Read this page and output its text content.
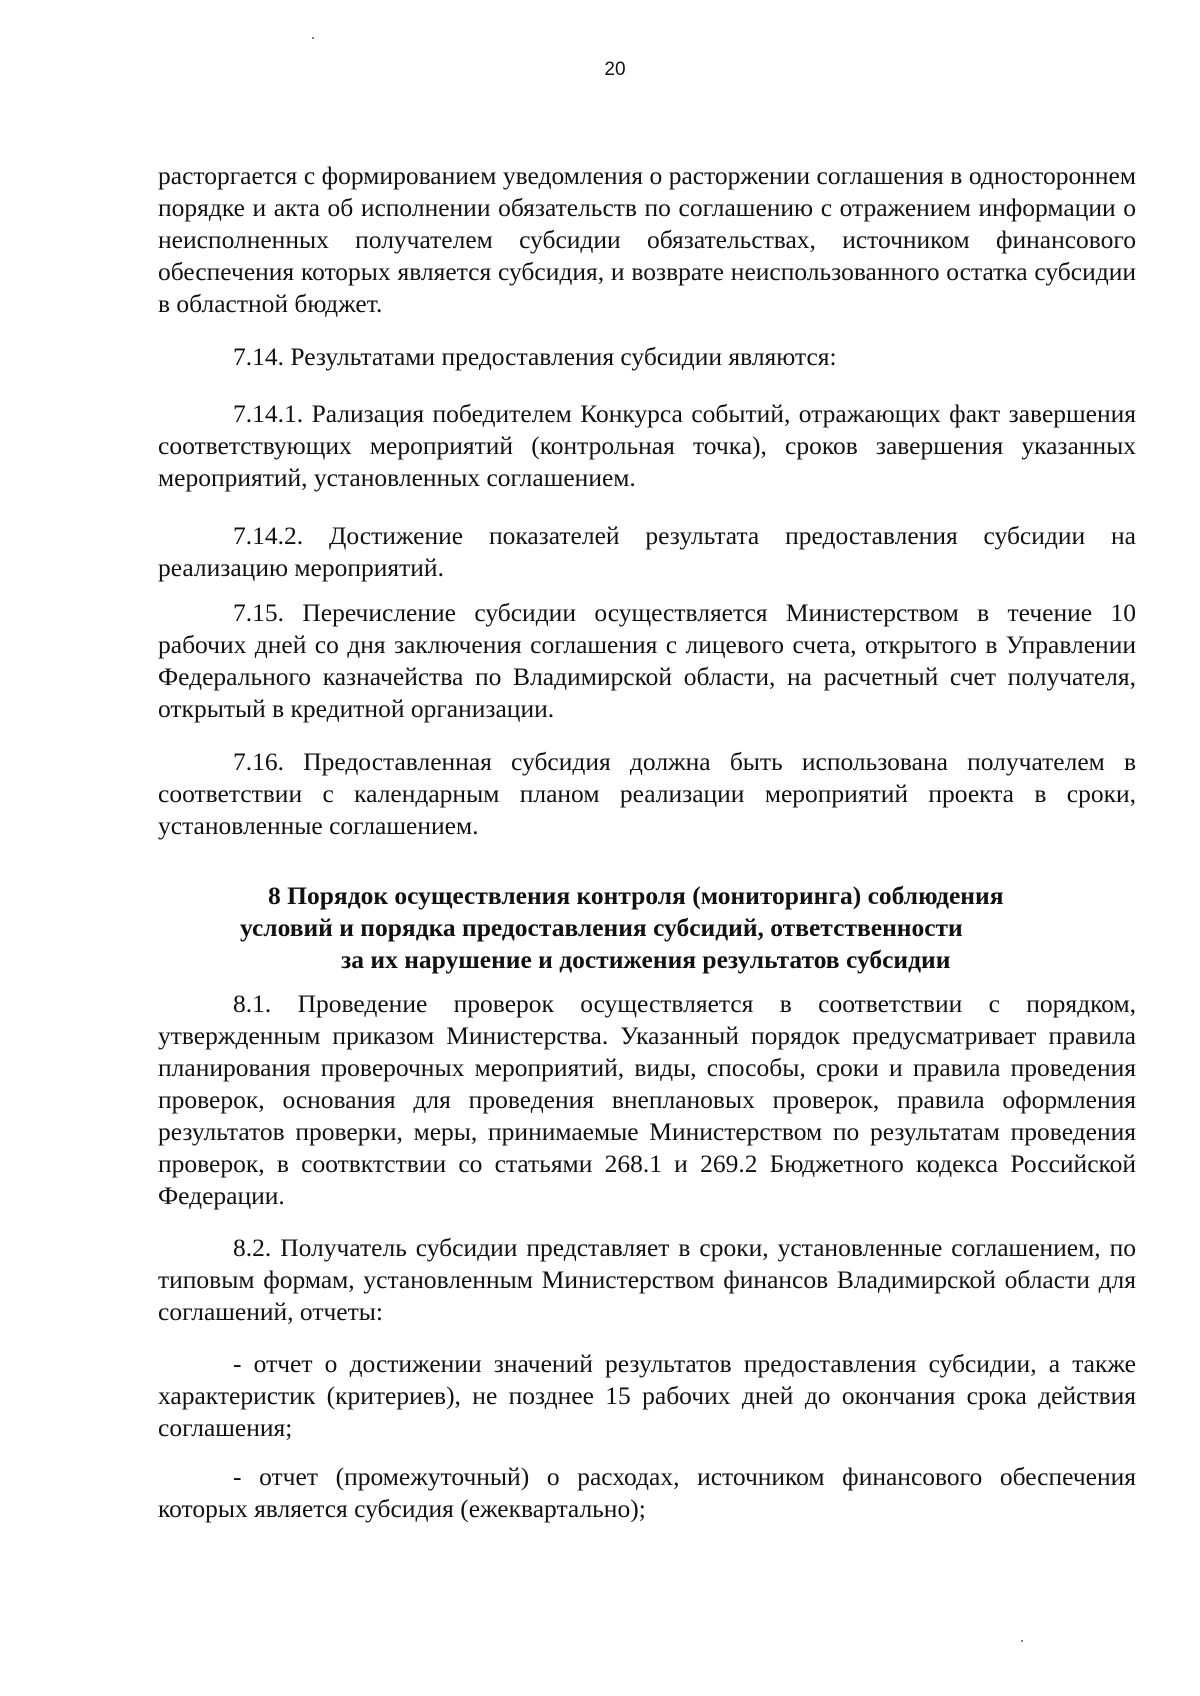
20

расторгается с формированием уведомления о расторжении соглашения в одностороннем порядке и акта об исполнении обязательств по соглашению с отражением информации о неисполненных получателем субсидии обязательствах, источником финансового обеспечения которых является субсидия, и возврате неиспользованного остатка субсидии в областной бюджет.

7.14. Результатами предоставления субсидии являются:

7.14.1. Рализация победителем Конкурса событий, отражающих факт завершения соответствующих мероприятий (контрольная точка), сроков завершения указанных мероприятий, установленных соглашением.

7.14.2. Достижение показателей результата предоставления субсидии на реализацию мероприятий.

7.15. Перечисление субсидии осуществляется Министерством в течение 10 рабочих дней со дня заключения соглашения с лицевого счета, открытого в Управлении Федерального казначейства по Владимирской области, на расчетный счет получателя, открытый в кредитной организации.

7.16. Предоставленная субсидия должна быть использована получателем в соответствии с календарным планом реализации мероприятий проекта в сроки, установленные соглашением.

8 Порядок осуществления контроля (мониторинга) соблюдения
условий и порядка предоставления субсидий, ответственности
за их нарушение и достижения результатов субсидии

8.1. Проведение проверок осуществляется в соответствии с порядком, утвержденным приказом Министерства. Указанный порядок предусматривает правила планирования проверочных мероприятий, виды, способы, сроки и правила проведения проверок, основания для проведения внеплановых проверок, правила оформления результатов проверки, меры, принимаемые Министерством по результатам проведения проверок, в соотвктствии со статьями 268.1 и 269.2 Бюджетного кодекса Российской Федерации.

8.2. Получатель субсидии представляет в сроки, установленные соглашением, по типовым формам, установленным Министерством финансов Владимирской области для соглашений, отчеты:

- отчет о достижении значений результатов предоставления субсидии, а также характеристик (критериев), не позднее 15 рабочих дней до окончания срока действия соглашения;

- отчет (промежуточный) о расходах, источником финансового обеспечения которых является субсидия (ежеквартально);
